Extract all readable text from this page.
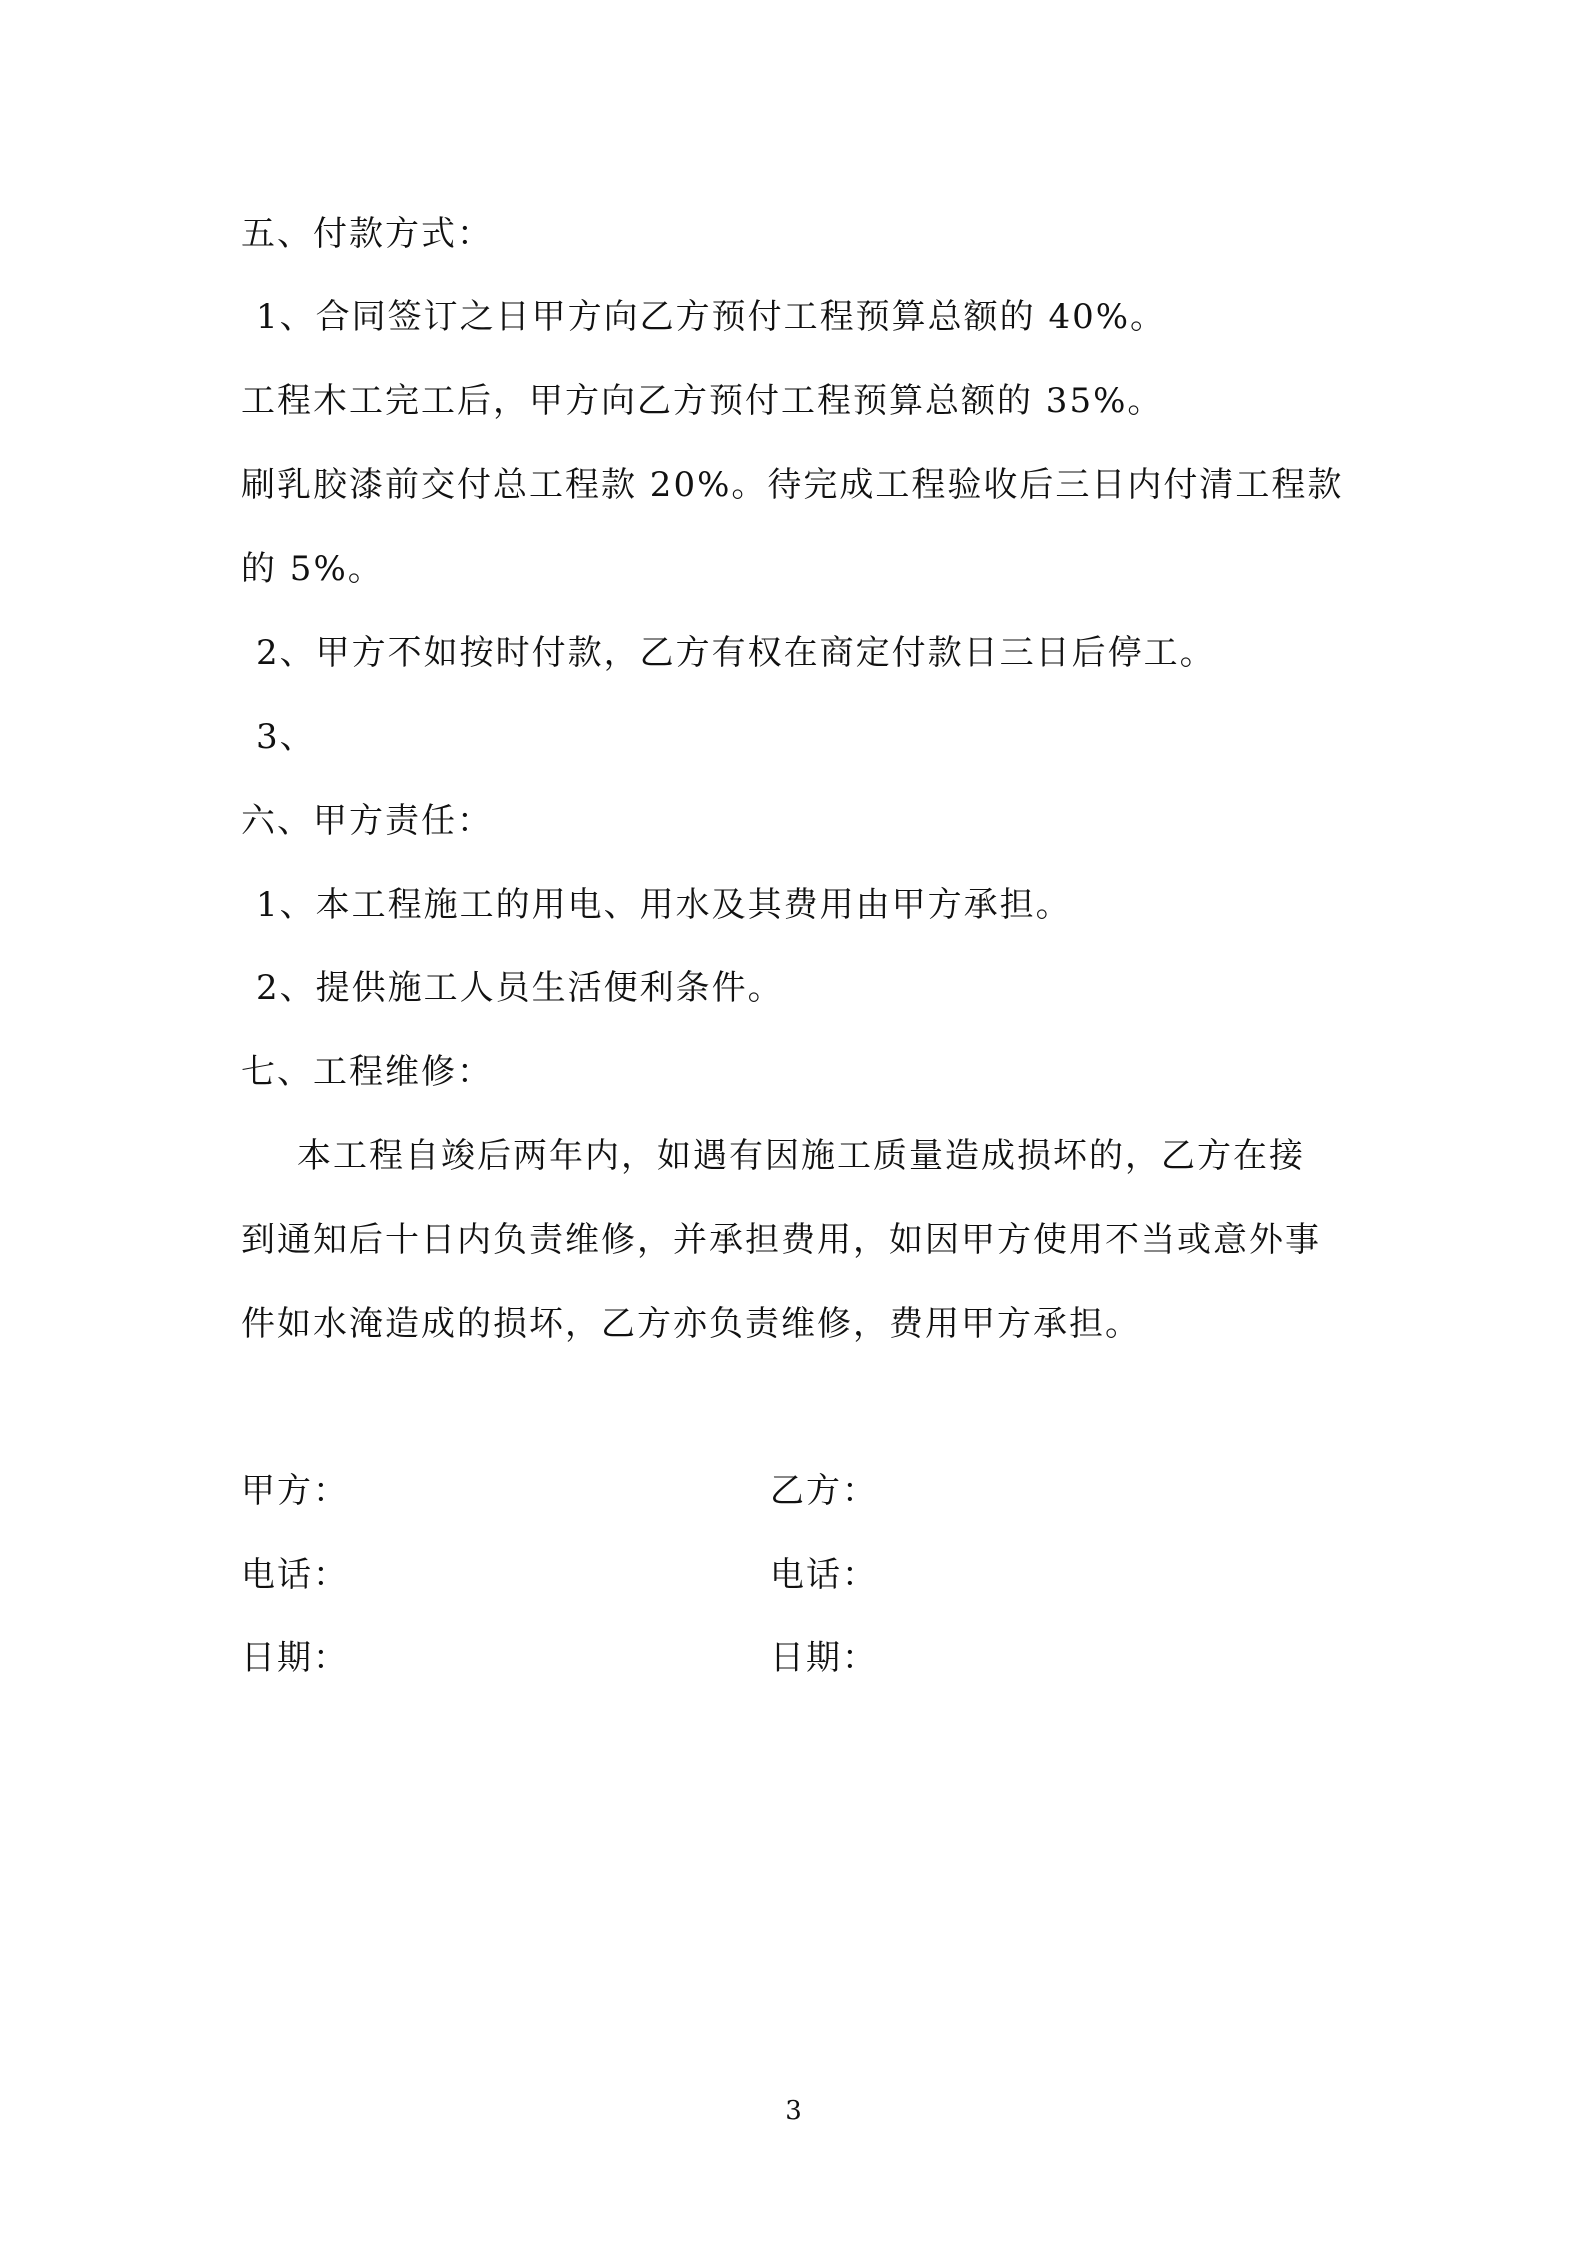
五、付款方式：
1、合同签订之日甲方向乙方预付工程预算总额的 40%。
工程木工完工后，甲方向乙方预付工程预算总额的 35%。
刷乳胶漆前交付总工程款 20%。待完成工程验收后三日内付清工程款
的 5%。
2、甲方不如按时付款，乙方有权在商定付款日三日后停工。
3、
六、甲方责任：
1、本工程施工的用电、用水及其费用由甲方承担。
2、提供施工人员生活便利条件。
七、工程维修：
本工程自竣后两年内，如遇有因施工质量造成损坏的，乙方在接
到通知后十日内负责维修，并承担费用，如因甲方使用不当或意外事
件如水淹造成的损坏，乙方亦负责维修，费用甲方承担。
甲方：	乙方：
电话：	电话：
日期：	日期：
3
